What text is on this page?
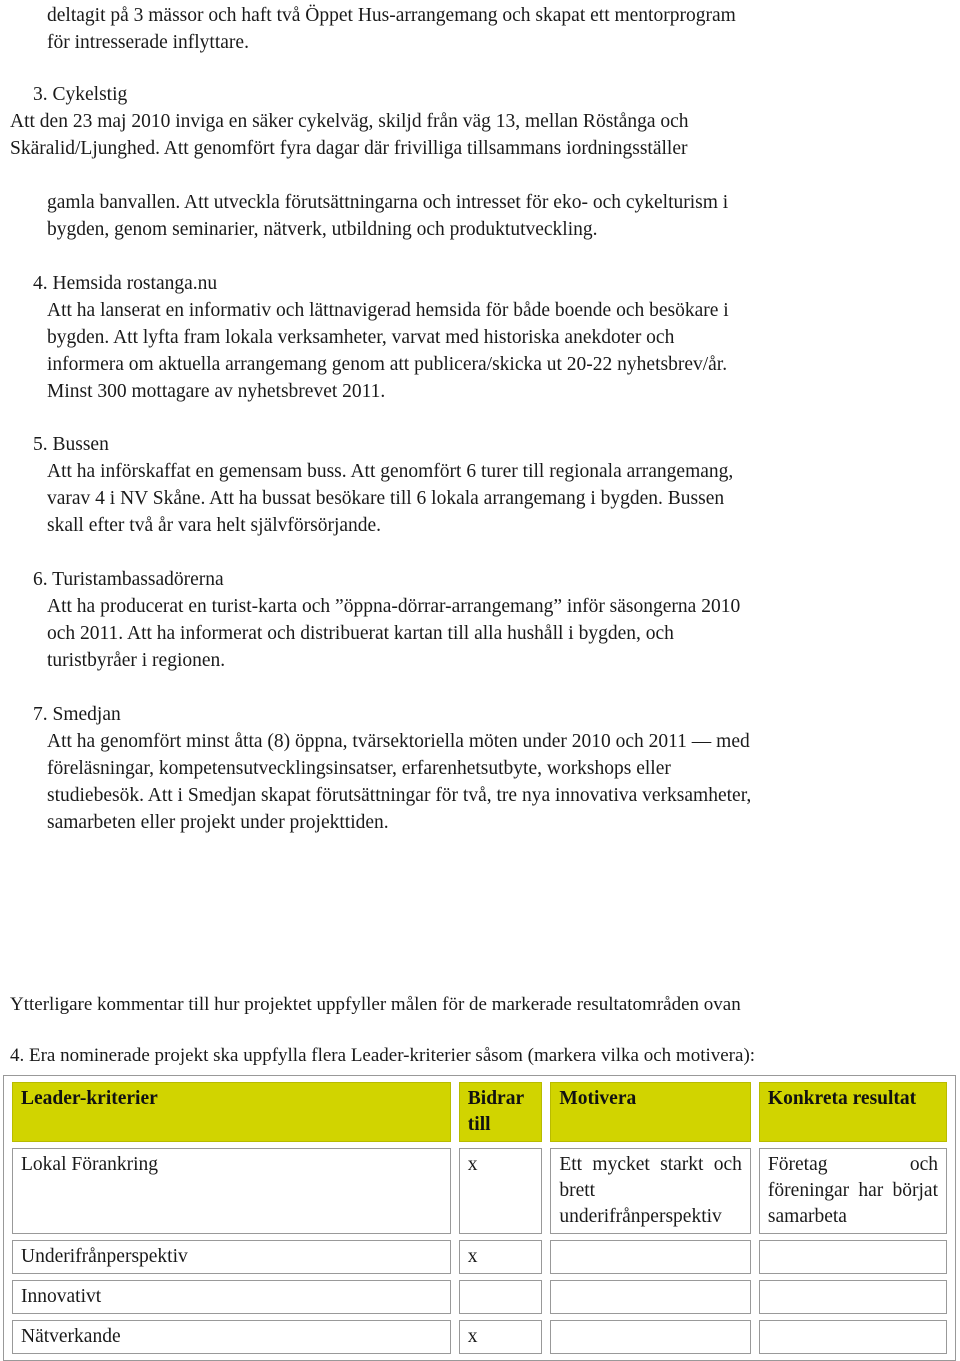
deltagit på 3 mässor och haft två Öppet Hus-arrangemang och skapat ett mentorprogram
för intresserade inflyttare.
3. Cykelstig
Att den 23 maj 2010 inviga en säker cykelväg, skiljd från väg 13, mellan Röstånga och
Skäralid/Ljunghed. Att genomfört fyra dagar där frivilliga tillsammans iordningsställer
gamla banvallen. Att utveckla förutsättningarna och intresset för eko- och cykelturism i
bygden, genom seminarier, nätverk, utbildning och produktutveckling.
4. Hemsida rostanga.nu
Att ha lanserat en informativ och lättnavigerad hemsida för både boende och besökare i
bygden. Att lyfta fram lokala verksamheter, varvat med historiska anekdoter och
informera om aktuella arrangemang genom att publicera/skicka ut 20-22 nyhetsbrev/år.
Minst 300 mottagare av nyhetsbrevet 2011.
5. Bussen
Att ha införskaffat en gemensam buss. Att genomfört 6 turer till regionala arrangemang,
varav 4 i NV Skåne. Att ha bussat besökare till 6 lokala arrangemang i bygden. Bussen
skall efter två år vara helt självförsörjande.
6. Turistambassadörerna
Att ha producerat en turist-karta och ”öppna-dörrar-arrangemang” inför säsongerna 2010
och 2011. Att ha informerat och distribuerat kartan till alla hushåll i bygden, och
turistbyråer i regionen.
7. Smedjan
Att ha genomfört minst åtta (8) öppna, tvärsektoriella möten under 2010 och 2011 — med
föreläsningar, kompetensutvecklingsinsatser, erfarenhetsutbyte, workshops eller
studiebesök. Att i Smedjan skapat förutsättningar för två, tre nya innovativa verksamheter,
samarbeten eller projekt under projekttiden.
Ytterligare kommentar till hur projektet uppfyller målen för de markerade resultatområden ovan
4. Era nominerade projekt ska uppfylla flera Leader-kriterier såsom (markera vilka och motivera):
Leader-kriterier	Bidrar till	Motivera	Konkreta resultat
Lokal Förankring	x	Ett mycket starkt och brett underifrånperspektiv	Företag och föreningar har börjat samarbeta
Underifrånperspektiv	x		
Innovativt			
Nätverkande	x		
